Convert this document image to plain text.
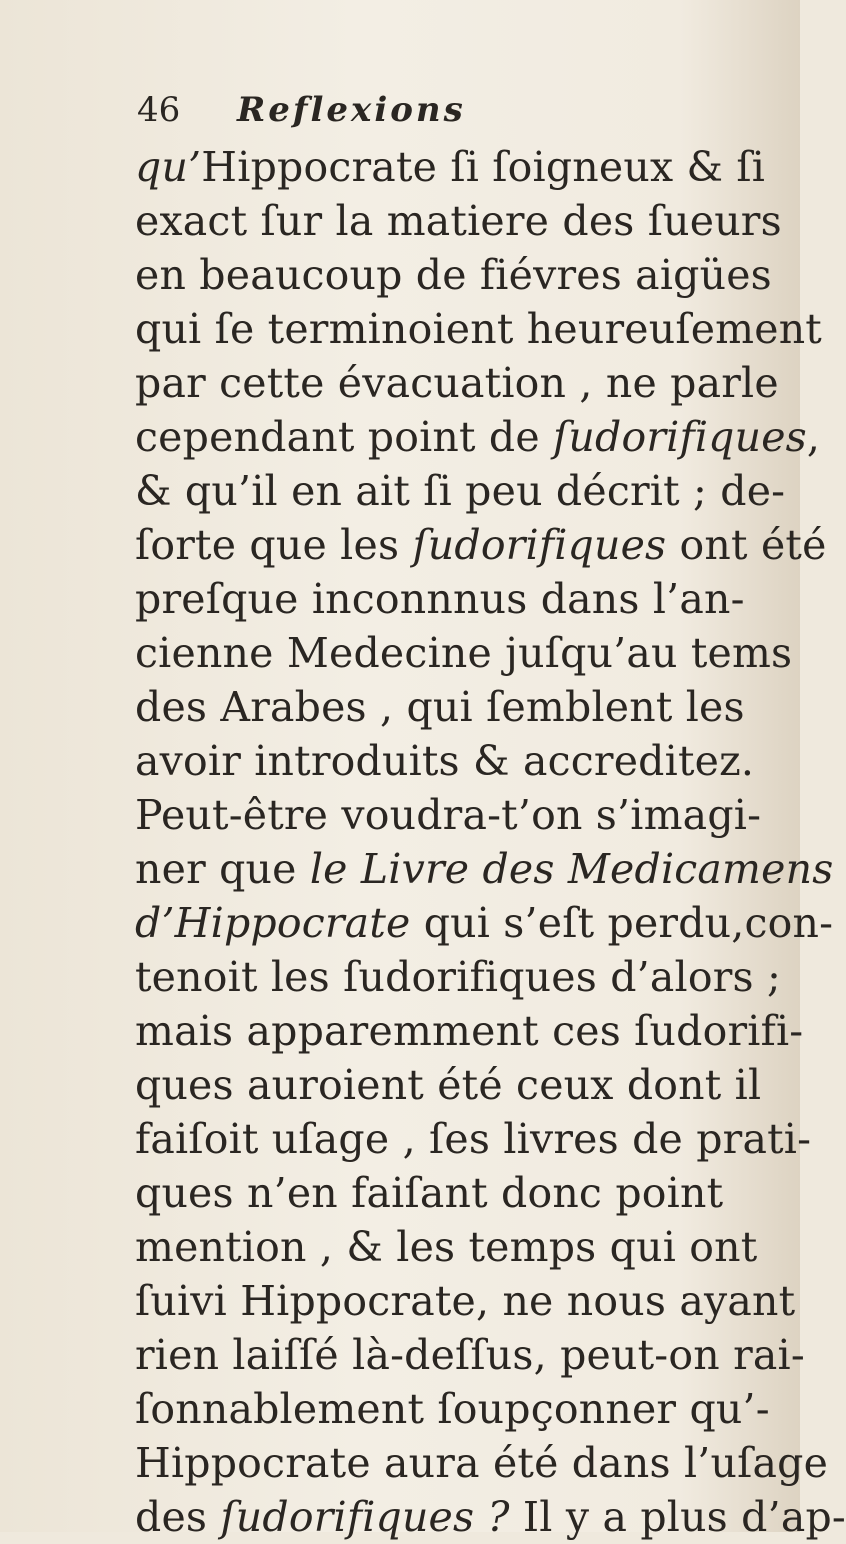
46 Reflexions
qu’Hippocrate ſi ſoigneux & ſi
exact ſur la matiere des ſueurs
en beaucoup de fiévres aigües
qui ſe terminoient heureuſement
par cette évacuation , ne parle
cependant point de ſudorifiques,
& qu’il en ait ſi peu décrit ; de-
ſorte que les ſudorifiques ont été
preſque inconnnus dans l’an-
cienne Medecine juſqu’au tems
des Arabes , qui ſemblent les
avoir introduits & accreditez.
Peut-être voudra-t’on s’imagi-
ner que le Livre des Medicamens
d’Hippocrate qui s’eſt perdu,con-
tenoit les ſudorifiques d’alors ;
mais apparemment ces ſudorifi-
ques auroient été ceux dont il
faiſoit uſage , ſes livres de prati-
ques n’en faiſant donc point
mention , & les temps qui ont
ſuivi Hippocrate, ne nous ayant
rien laiſſé là-deſſus, peut-on rai-
ſonnablement ſoupçonner qu’-
Hippocrate aura été dans l’uſage
des ſudorifiques ? Il y a plus d’ap-
